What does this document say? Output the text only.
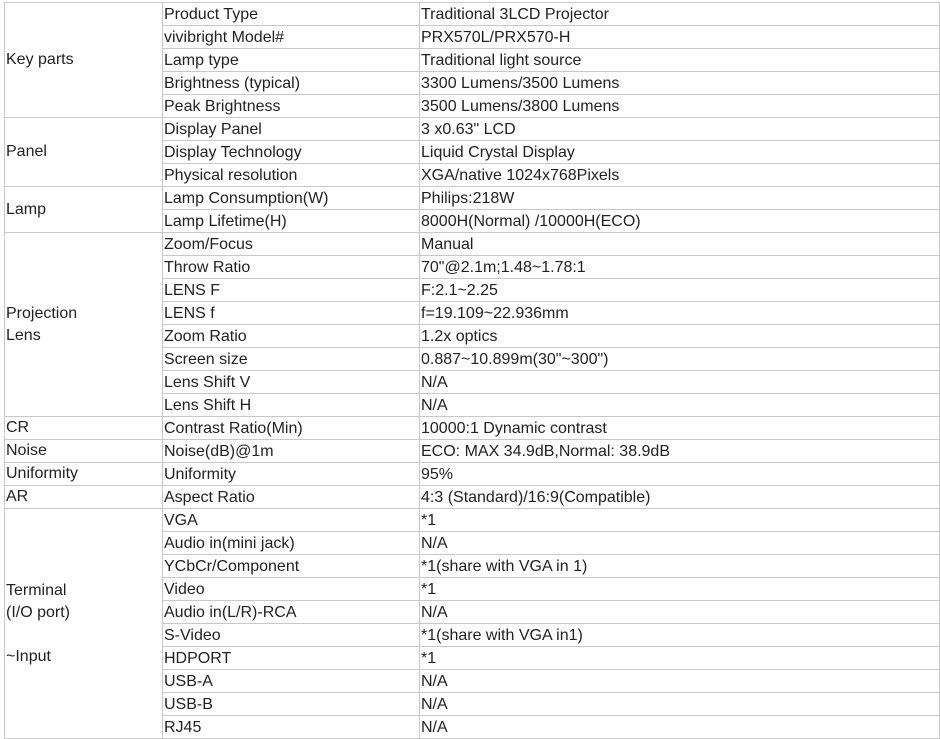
Key parts	Product Type	Traditional 3LCD Projector
	vivibright Model#	PRX570L/PRX570-H
	Lamp type	Traditional light source
	Brightness (typical)	3300 Lumens/3500 Lumens
	Peak Brightness	3500 Lumens/3800 Lumens

Panel	Display Panel	3 x0.63" LCD
	Display Technology	Liquid Crystal Display
	Physical resolution	XGA/native 1024x768Pixels

Lamp	Lamp Consumption(W)	Philips:218W
	Lamp Lifetime(H)	8000H(Normal) /10000H(ECO)

Projection
Lens	Zoom/Focus	Manual
	Throw Ratio	70"@2.1m;1.48~1.78:1
	LENS F	F:2.1~2.25
	LENS f	f=19.109~22.936mm
	Zoom Ratio	1.2x optics
	Screen size	0.887~10.899m(30"~300")
	Lens Shift V	N/A
	Lens Shift H	N/A

CR	Contrast Ratio(Min)	10000:1 Dynamic contrast

Noise	Noise(dB)@1m	ECO: MAX 34.9dB,Normal: 38.9dB

Uniformity	Uniformity	95%

AR	Aspect Ratio	4:3 (Standard)/16:9(Compatible)

Terminal
(I/O port)
~Input	VGA	*1
	Audio in(mini jack)	N/A
	YCbCr/Component	*1(share with VGA in 1)
	Video	*1
	Audio in(L/R)-RCA	N/A
	S-Video	*1(share with VGA in1)
	HDPORT	*1
	USB-A	N/A
	USB-B	N/A
	RJ45	N/A
